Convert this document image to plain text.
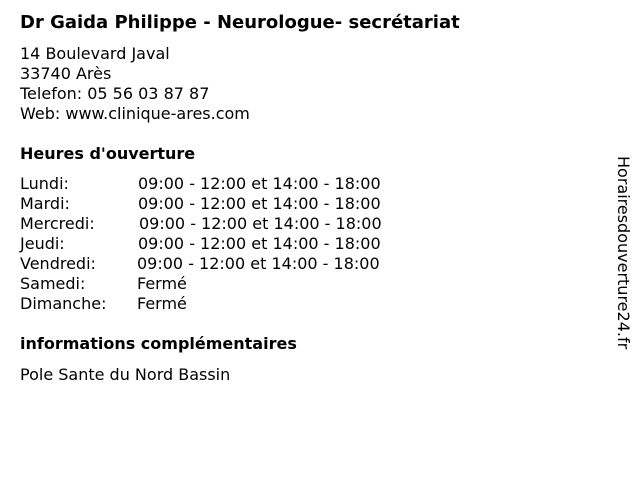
Dr Gaida Philippe - Neurologue- secrétariat
14 Boulevard Javal
33740 Arès
Telefon: 05 56 03 87 87
Web: www.clinique-ares.com
Heures d'ouverture
Lundi:	09:00 - 12:00 et 14:00 - 18:00
Mardi:	09:00 - 12:00 et 14:00 - 18:00
Mercredi:	09:00 - 12:00 et 14:00 - 18:00
Jeudi:	09:00 - 12:00 et 14:00 - 18:00
Vendredi:	09:00 - 12:00 et 14:00 - 18:00
Samedi:	Fermé
Dimanche: Fermé
informations complémentaires
Pole Sante du Nord Bassin
Horairesdouverture24.fr
